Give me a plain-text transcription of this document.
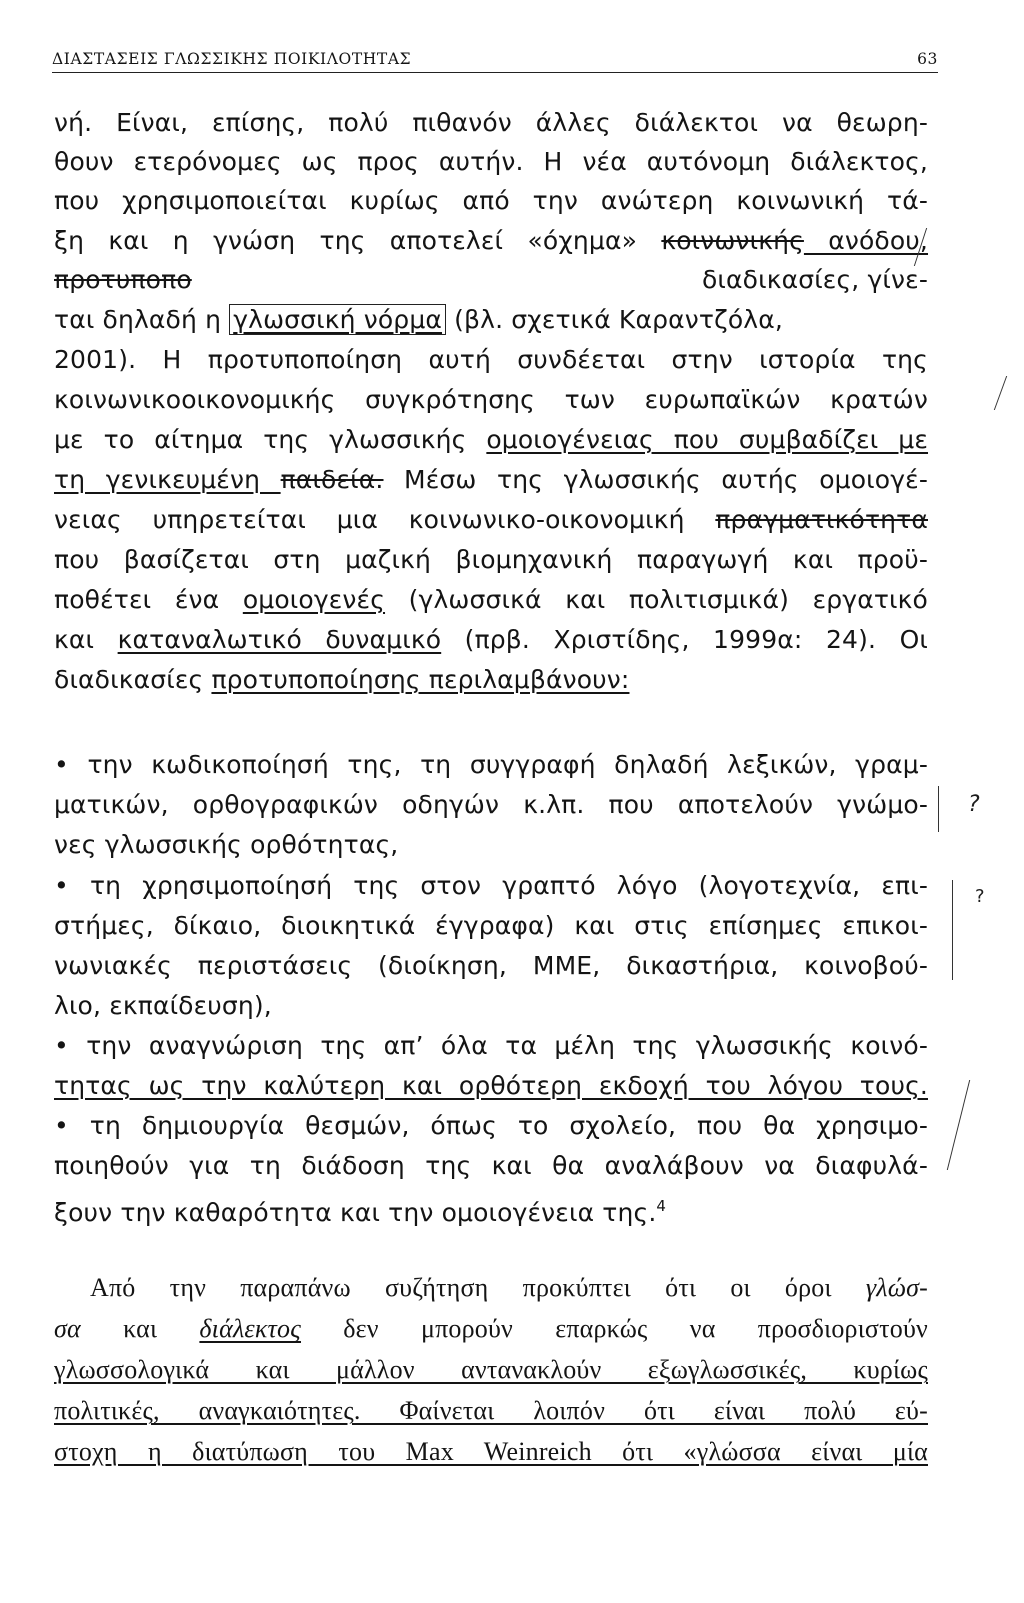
ΔΙΑΣΤΑΣΕΙΣ ΓΛΩΣΣΙΚΗΣ ΠΟΙΚΙΛΟΤΗΤΑΣ	63
νή. Είναι, επίσης, πολύ πιθανόν άλλες διάλεκτοι να θεωρη-
θουν ετερόνομες ως προς αυτήν. Η νέα αυτόνομη διάλεκτος,
που χρησιμοποιείται κυρίως από την ανώτερη κοινωνική τά-
ξη και η γνώση της αποτελεί «όχημα» κοινωνικής ανόδου,
προτυποπο	διαδικασίες, γίνε-
ται δηλαδή η γλωσσική νόρμα (βλ. σχετικά Καραντζόλα,
2001). Η προτυποποίηση αυτή συνδέεται στην ιστορία της
κοινωνικοοικονομικής συγκρότησης των ευρωπαϊκών κρατών
με το αίτημα της γλωσσικής ομοιογένειας που συμβαδίζει με
τη γενικευμένη παιδεία. Μέσω της γλωσσικής αυτής ομοιογέ-
νειας υπηρετείται μια κοινωνικο-οικονομική πραγματικότητα
που βασίζεται στη μαζική βιομηχανική παραγωγή και προϋ-
ποθέτει ένα ομοιογενές (γλωσσικά και πολιτισμικά) εργατικό
και καταναλωτικό δυναμικό (πρβ. Χριστίδης, 1999α: 24). Οι
διαδικασίες προτυποποίησης περιλαμβάνουν:
• την κωδικοποίησή της, τη συγγραφή δηλαδή λεξικών, γραμ-
ματικών, ορθογραφικών οδηγών κ.λπ. που αποτελούν γνώμο-
νες γλωσσικής ορθότητας,
• τη χρησιμοποίησή της στον γραπτό λόγο (λογοτεχνία, επι-
στήμες, δίκαιο, διοικητικά έγγραφα) και στις επίσημες επικοι-
νωνιακές περιστάσεις (διοίκηση, ΜΜΕ, δικαστήρια, κοινοβού-
λιο, εκπαίδευση),
• την αναγνώριση της απ’ όλα τα μέλη της γλωσσικής κοινό-
τητας ως την καλύτερη και ορθότερη εκδοχή του λόγου τους.
• τη δημιουργία θεσμών, όπως το σχολείο, που θα χρησιμο-
ποιηθούν για τη διάδοση της και θα αναλάβουν να διαφυλά-
ξουν την καθαρότητα και την ομοιογένεια της.$^4$
Από την παραπάνω συζήτηση προκύπτει ότι οι όροι γλώσ-
σα και διάλεκτος δεν μπορούν επαρκώς να προσδιοριστούν
γλωσσολογικά και μάλλον αντανακλούν εξωγλωσσικές, κυρίως
πολιτικές, αναγκαιότητες. Φαίνεται λοιπόν ότι είναι πολύ εύ-
στοχη η διατύπωση του Max Weinreich ότι «γλώσσα είναι μία
?
?
